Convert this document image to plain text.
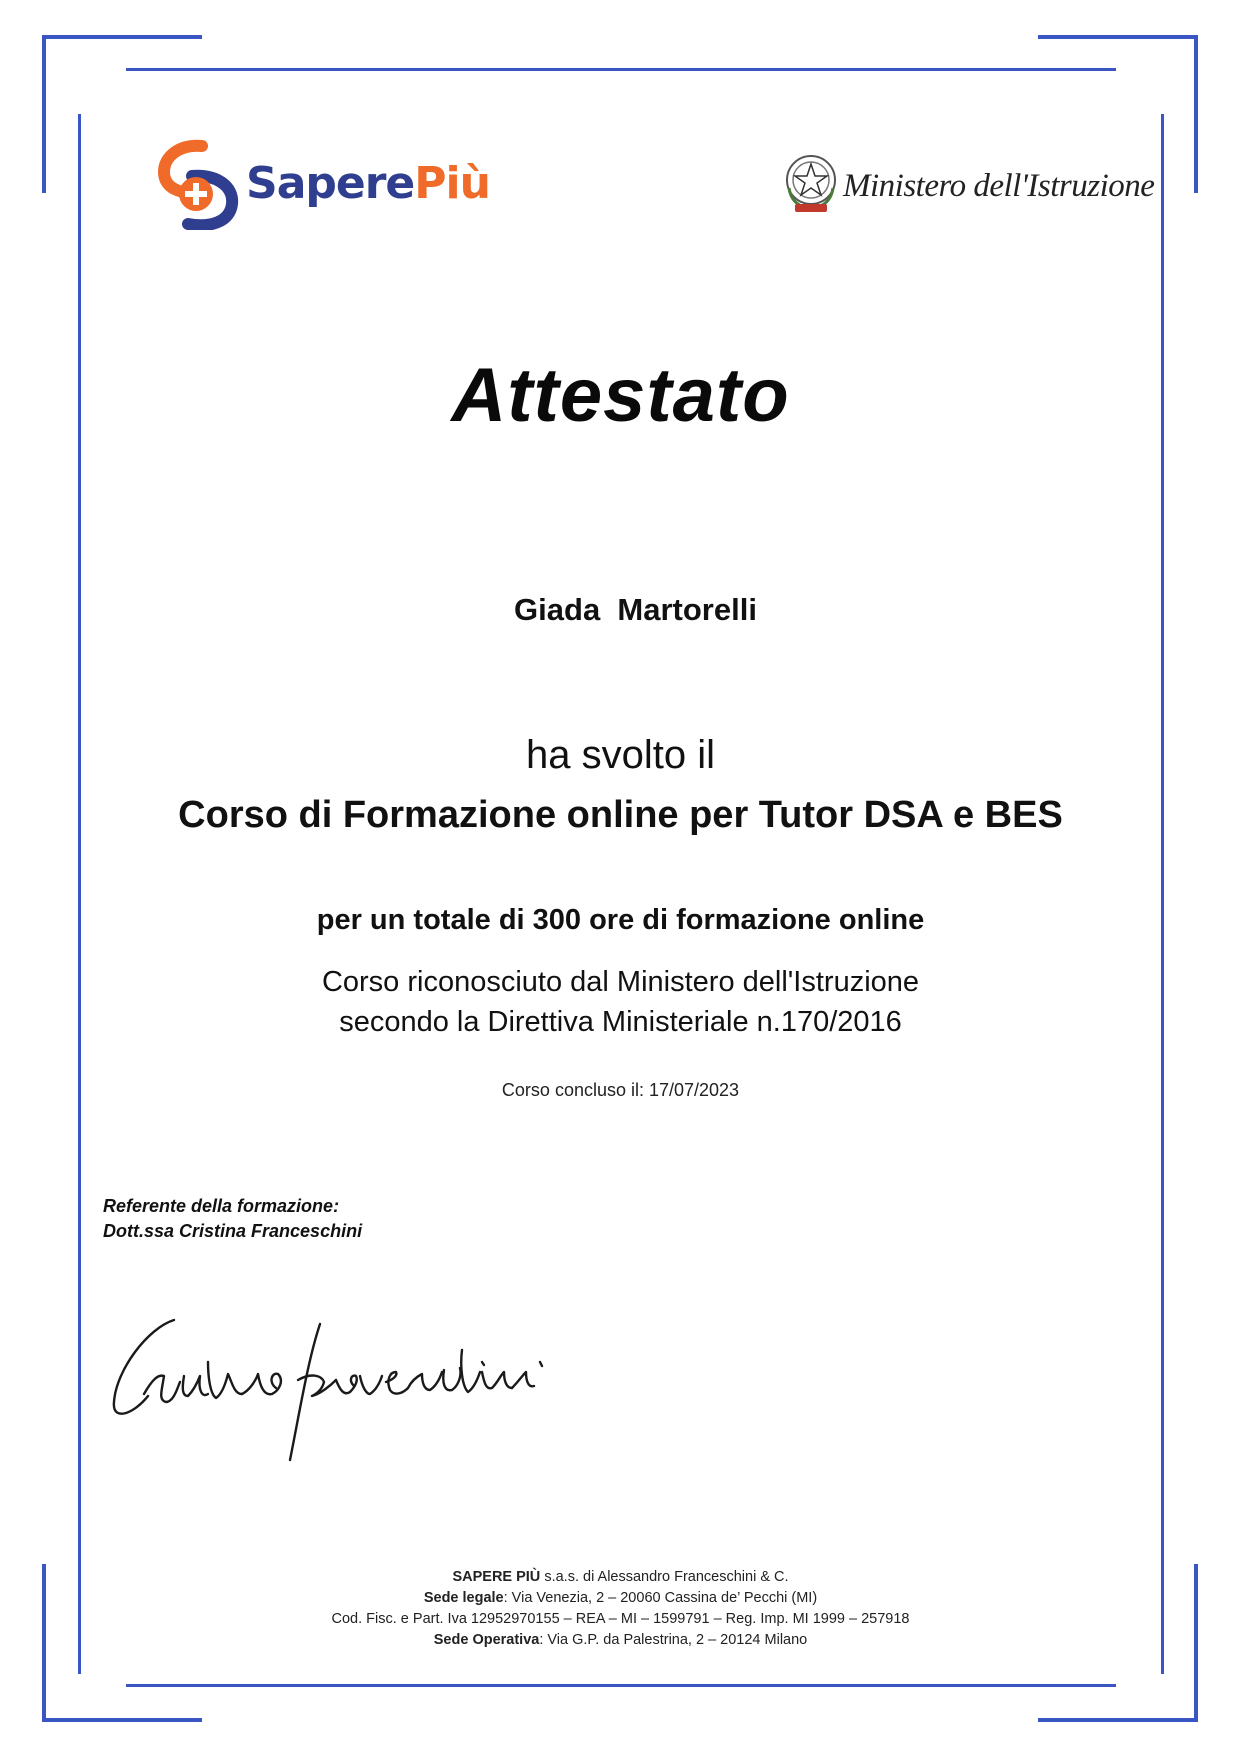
SaperePiù	Ministero dell'Istruzione
Attestato
Giada  Martorelli
ha svolto il
Corso di Formazione online per Tutor DSA e BES
per un totale di 300 ore di formazione online
Corso riconosciuto dal Ministero dell'Istruzione
secondo la Direttiva Ministeriale n.170/2016
Corso concluso il: 17/07/2023
Referente della formazione:
Dott.ssa Cristina Franceschini
SAPERE PIÙ s.a.s. di Alessandro Franceschini & C.
Sede legale: Via Venezia, 2 – 20060 Cassina de’ Pecchi (MI)
Cod. Fisc. e Part. Iva 12952970155 – REA – MI – 1599791 – Reg. Imp. MI 1999 – 257918
Sede Operativa: Via G.P. da Palestrina, 2 – 20124 Milano
